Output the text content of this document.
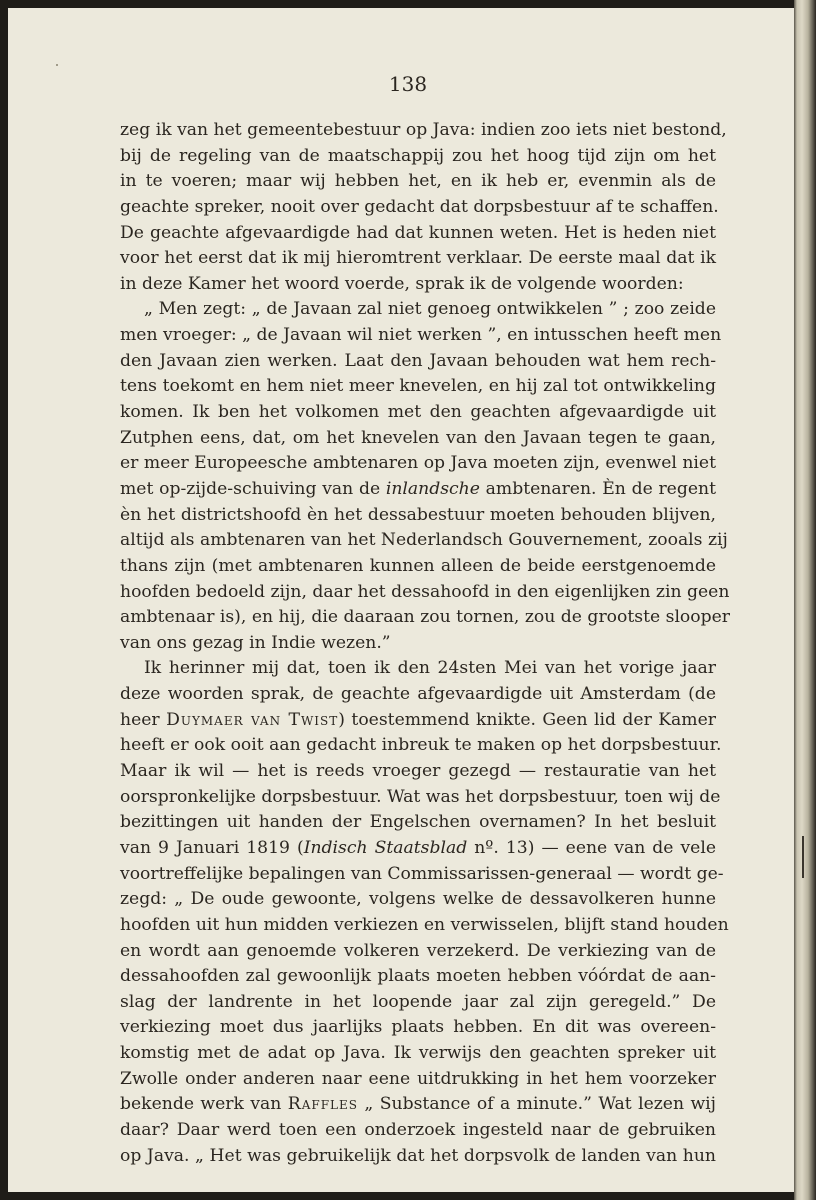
138
zeg ik van het gemeentebestuur op Java: indien zoo iets niet bestond,
bij de regeling van de maatschappij zou het hoog tijd zijn om het
in te voeren; maar wij hebben het, en ik heb er, evenmin als de
geachte spreker, nooit over gedacht dat dorpsbestuur af te schaffen.
De geachte afgevaardigde had dat kunnen weten. Het is heden niet
voor het eerst dat ik mij hieromtrent verklaar. De eerste maal dat ik
in deze Kamer het woord voerde, sprak ik de volgende woorden:
„ Men zegt: „ de Javaan zal niet genoeg ontwikkelen ” ; zoo zeide
men vroeger: „ de Javaan wil niet werken ”, en intusschen heeft men
den Javaan zien werken. Laat den Javaan behouden wat hem rech-
tens toekomt en hem niet meer knevelen, en hij zal tot ontwikkeling
komen. Ik ben het volkomen met den geachten afgevaardigde uit
Zutphen eens, dat, om het knevelen van den Javaan tegen te gaan,
er meer Europeesche ambtenaren op Java moeten zijn, evenwel niet
met op-zijde-schuiving van de inlandsche ambtenaren. Èn de regent
èn het districtshoofd èn het dessabestuur moeten behouden blijven,
altijd als ambtenaren van het Nederlandsch Gouvernement, zooals zij
thans zijn (met ambtenaren kunnen alleen de beide eerstgenoemde
hoofden bedoeld zijn, daar het dessahoofd in den eigenlijken zin geen
ambtenaar is), en hij, die daaraan zou tornen, zou de grootste slooper
van ons gezag in Indie wezen.”
Ik herinner mij dat, toen ik den 24sten Mei van het vorige jaar
deze woorden sprak, de geachte afgevaardigde uit Amsterdam (de
heer Duymaer van Twist) toestemmend knikte. Geen lid der Kamer
heeft er ook ooit aan gedacht inbreuk te maken op het dorpsbestuur.
Maar ik wil — het is reeds vroeger gezegd — restauratie van het
oorspronkelijke dorpsbestuur. Wat was het dorpsbestuur, toen wij de
bezittingen uit handen der Engelschen overnamen? In het besluit
van 9 Januari 1819 (Indisch Staatsblad nº. 13) — eene van de vele
voortreffelijke bepalingen van Commissarissen-generaal — wordt ge-
zegd: „ De oude gewoonte, volgens welke de dessavolkeren hunne
hoofden uit hun midden verkiezen en verwisselen, blijft stand houden
en wordt aan genoemde volkeren verzekerd. De verkiezing van de
dessahoofden zal gewoonlijk plaats moeten hebben vóórdat de aan-
slag der landrente in het loopende jaar zal zijn geregeld.” De
verkiezing moet dus jaarlijks plaats hebben. En dit was overeen-
komstig met de adat op Java. Ik verwijs den geachten spreker uit
Zwolle onder anderen naar eene uitdrukking in het hem voorzeker
bekende werk van Raffles „ Substance of a minute.” Wat lezen wij
daar? Daar werd toen een onderzoek ingesteld naar de gebruiken
op Java. „ Het was gebruikelijk dat het dorpsvolk de landen van hun
